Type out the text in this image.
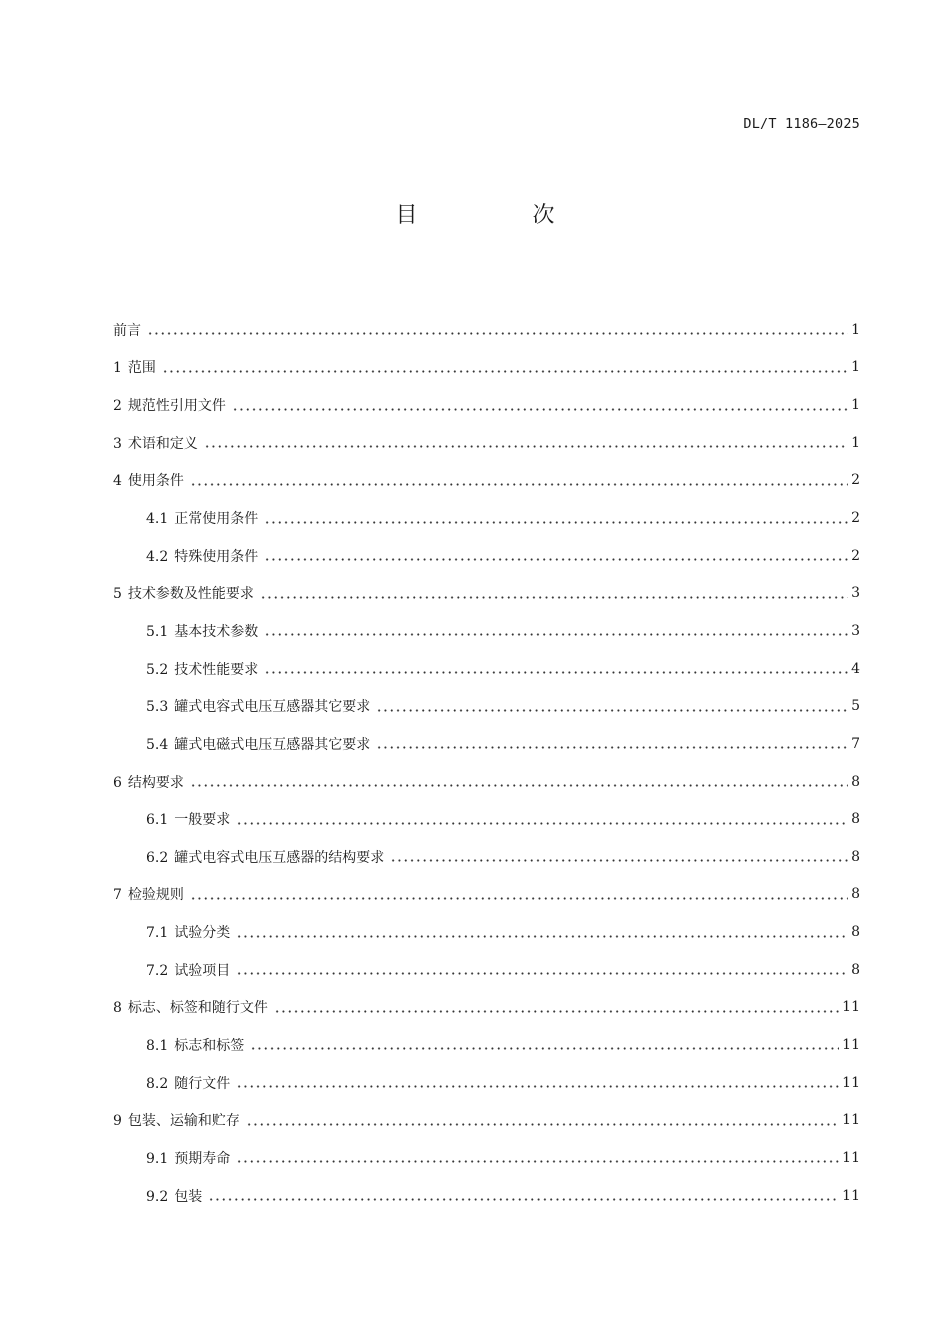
DL/T 1186—2025
目 次
前言	1
1 范围	1
2 规范性引用文件	1
3 术语和定义	1
4 使用条件	2
4.1 正常使用条件	2
4.2 特殊使用条件	2
5 技术参数及性能要求	3
5.1 基本技术参数	3
5.2 技术性能要求	4
5.3 罐式电容式电压互感器其它要求	5
5.4 罐式电磁式电压互感器其它要求	7
6 结构要求	8
6.1 一般要求	8
6.2 罐式电容式电压互感器的结构要求	8
7 检验规则	8
7.1 试验分类	8
7.2 试验项目	8
8 标志、标签和随行文件	11
8.1 标志和标签	11
8.2 随行文件	11
9 包装、运输和贮存	11
9.1 预期寿命	11
9.2 包装	11
